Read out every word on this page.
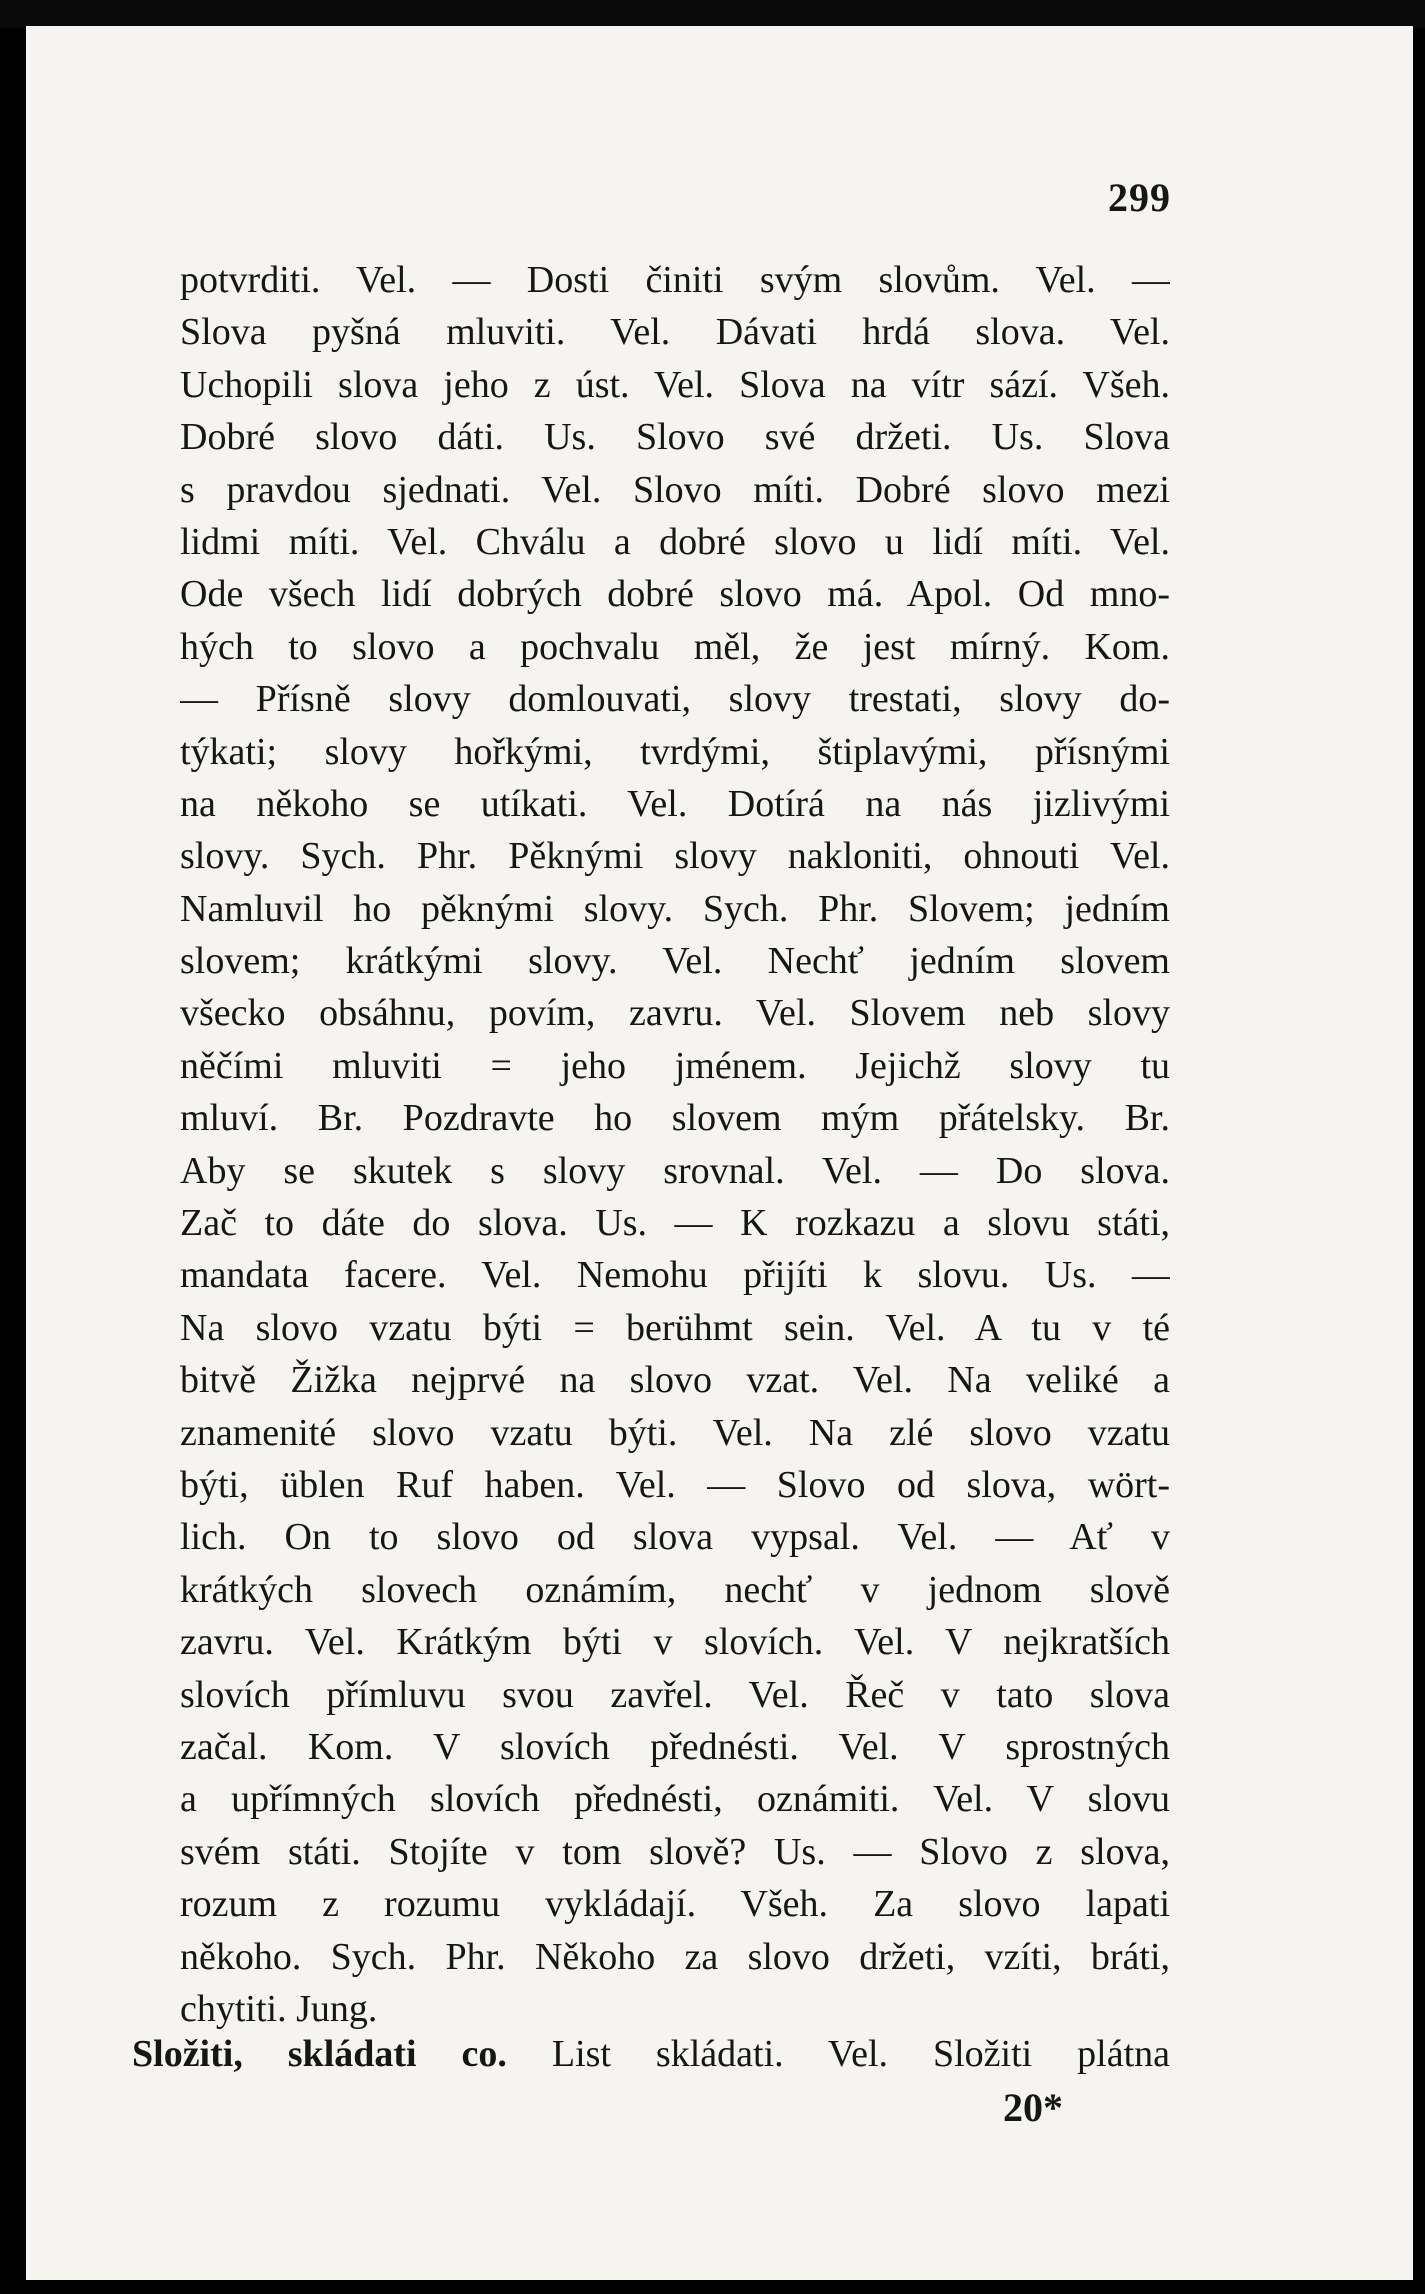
299
potvrditi. Vel. — Dosti činiti svým slovům. Vel. —
Slova pyšná mluviti. Vel. Dávati hrdá slova. Vel.
Uchopili slova jeho z úst. Vel. Slova na vítr sází. Všeh.
Dobré slovo dáti. Us. Slovo své držeti. Us. Slova
s pravdou sjednati. Vel. Slovo míti. Dobré slovo mezi
lidmi míti. Vel. Chválu a dobré slovo u lidí míti. Vel.
Ode všech lidí dobrých dobré slovo má. Apol. Od mno-
hých to slovo a pochvalu měl, že jest mírný. Kom.
— Přísně slovy domlouvati, slovy trestati, slovy do-
týkati; slovy hořkými, tvrdými, štiplavými, přísnými
na někoho se utíkati. Vel. Dotírá na nás jizlivými
slovy. Sych. Phr. Pěknými slovy nakloniti, ohnouti Vel.
Namluvil ho pěknými slovy. Sych. Phr. Slovem; jedním
slovem; krátkými slovy. Vel. Nechť jedním slovem
všecko obsáhnu, povím, zavru. Vel. Slovem neb slovy
něčími mluviti = jeho jménem. Jejichž slovy tu
mluví. Br. Pozdravte ho slovem mým přátelsky. Br.
Aby se skutek s slovy srovnal. Vel. — Do slova.
Zač to dáte do slova. Us. — K rozkazu a slovu státi,
mandata facere. Vel. Nemohu přijíti k slovu. Us. —
Na slovo vzatu býti = berühmt sein. Vel. A tu v té
bitvě Žižka nejprvé na slovo vzat. Vel. Na veliké a
znamenité slovo vzatu býti. Vel. Na zlé slovo vzatu
býti, üblen Ruf haben. Vel. — Slovo od slova, wört-
lich. On to slovo od slova vypsal. Vel. — Ať v
krátkých slovech oznámím, nechť v jednom slově
zavru. Vel. Krátkým býti v slovích. Vel. V nejkratších
slovích přímluvu svou zavřel. Vel. Řeč v tato slova
začal. Kom. V slovích přednésti. Vel. V sprostných
a upřímných slovích přednésti, oznámiti. Vel. V slovu
svém státi. Stojíte v tom slově? Us. — Slovo z slova,
rozum z rozumu vykládají. Všeh. Za slovo lapati
někoho. Sych. Phr. Někoho za slovo držeti, vzíti, bráti,
chytiti. Jung.
Složiti, skládati co. List skládati. Vel. Složiti plátna
20*
